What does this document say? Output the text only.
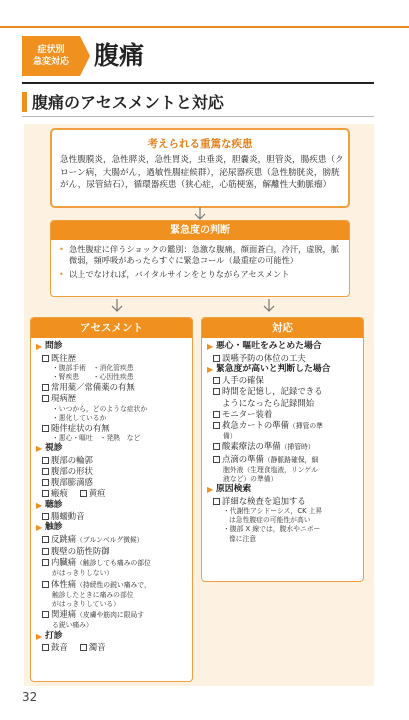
症状別
急変対応	腹痛
腹痛のアセスメントと対応
考えられる重篤な疾患
急性腹膜炎，急性膵炎，急性胃炎，虫垂炎，胆嚢炎，胆管炎，腸疾患（クローン病，大腸がん，過敏性腸症候群），泌尿器疾患（急性膀胱炎，膀胱がん，尿管結石），循環器疾患（狭心症，心筋梗塞，解離性大動脈瘤）
緊急度の判断
• 急性腹症に伴うショックの鑑別：急激な腹痛，顔面蒼白，冷汗，虚脱，脈微弱，頻呼吸があったらすぐに緊急コール（最重症の可能性）
• 以上でなければ，バイタルサインをとりながらアセスメント
アセスメント
▶ 問診
既往歴
・腹部手術　・消化管疾患
・腎疾患　　・心因性疾患
常用薬／常備薬の有無
現病歴
・いつから，どのような症状か
・悪化しているか
随伴症状の有無
・悪心・嘔吐　・発熱　など
▶ 視診
腹部の輪郭
腹部の形状
腹部膨満感
瘢痕	黄疸
▶ 聴診
腸蠕動音
▶ 触診
反跳痛（ブルンベルグ徴候）
腹壁の筋性防御
内臓痛（触診しても痛みの部位
がはっきりしない）
体性痛（持続性の鋭い痛みで，
触診したときに痛みの部位
がはっきりしている）
関連痛（皮膚や筋肉に限局す
る鋭い痛み）
▶ 打診
鼓音	濁音
対応
▶ 悪心・嘔吐をみとめた場合
誤嚥予防の体位の工夫
▶ 緊急度が高いと判断した場合
人手の確保
時間を記憶し，記録できる
ようになったら記録開始
モニター装着
救急カートの準備（挿管の準
備）
酸素療法の準備（挿管時）
点滴の準備（静脈路確保，細
胞外液（生理食塩液，リンゲル
液など）の準備）
▶ 原因検索
詳細な検査を追加する
・代謝性アシドーシス，CK 上昇
は急性腹症の可能性が高い
・腹部 X 線では，腹水やニボー
像に注意
32
